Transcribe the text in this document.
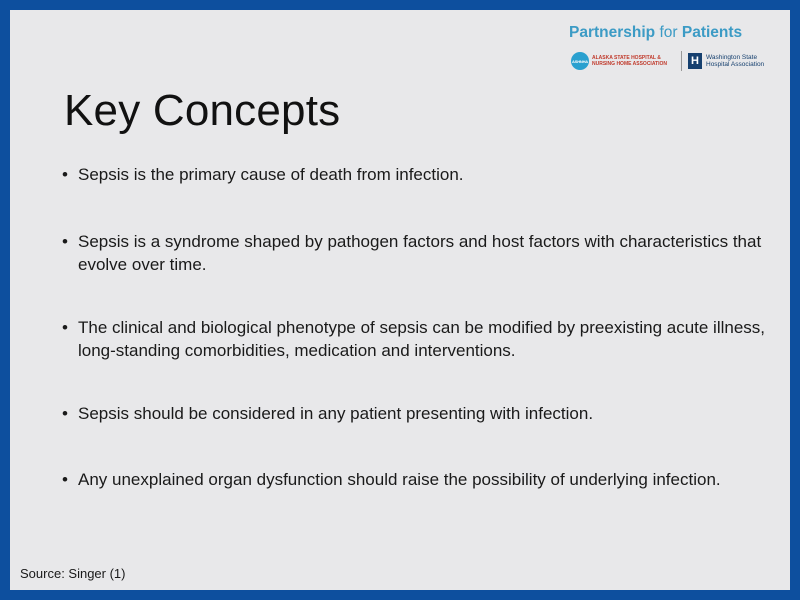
Partnership for Patients
ASHNHA ALASKA STATE HOSPITAL &
NURSING HOME ASSOCIATION H Washington State
Hospital Association
Key Concepts
• Sepsis is the primary cause of death from infection.
• Sepsis is a syndrome shaped by pathogen factors and host factors with characteristics that evolve over time.
• The clinical and biological phenotype of sepsis can be modified by preexisting acute illness, long-standing comorbidities, medication and interventions.
• Sepsis should be considered in any patient presenting with infection.
• Any unexplained organ dysfunction should raise the possibility of underlying infection.
Source: Singer (1)
